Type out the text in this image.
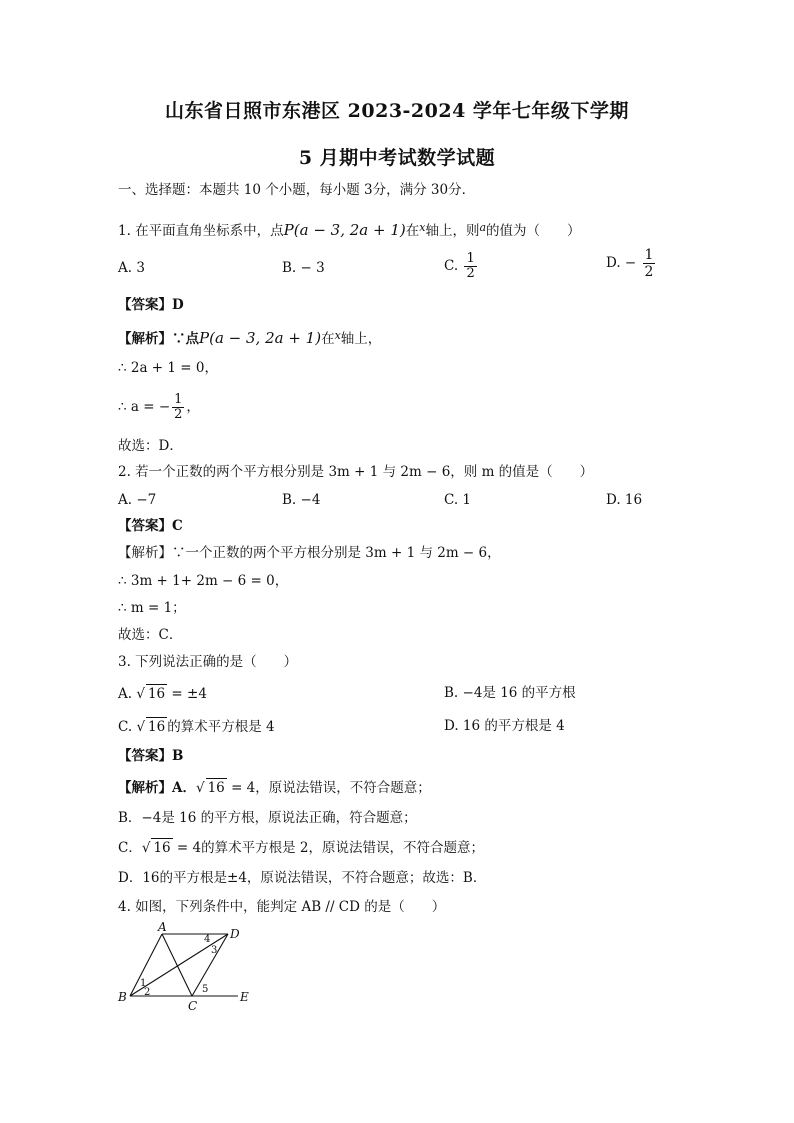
山东省日照市东港区 2023-2024 学年七年级下学期
5 月期中考试数学试题
一、选择题：本题共 10 个小题，每小题 3分，满分 30分．
1. 在平面直角坐标系中，点P(a − 3, 2a + 1)在$^x$轴上，则$^a$的值为（　　）
A. 3	B. − 3	C. $\frac{1}{2}$	D. − $\frac{1}{2}$
【答案】D
【解析】∵点P(a − 3, 2a + 1)在$^x$轴上，
∴ 2a + 1 = 0，
∴ a = − $\frac{1}{2}$ ，
故选：D．
2. 若一个正数的两个平方根分别是 3m + 1 与 2m − 6，则 m 的值是（　　）
A. −7	B. −4	C. 1	D. 16
【答案】C
【解析】∵一个正数的两个平方根分别是 3m + 1 与 2m − 6，
∴ 3m + 1+ 2m − 6 = 0，
∴ m = 1；
故选：C．
3. 下列说法正确的是（　　）
A. √ 16 = ±4	B. −4是 16 的平方根
C. √ 16 的算术平方根是 4	D. 16 的平方根是 4
【答案】B
【解析】A．√ 16 = 4，原说法错误，不符合题意；
B．−4是 16 的平方根，原说法正确，符合题意；
C．√ 16 = 4的算术平方根是 2，原说法错误，不符合题意；
D．16的平方根是±4，原说法错误，不符合题意；故选：B．
4. 如图，下列条件中，能判定 AB // CD 的是（　　）
A	D
B
C
E
1
2
3
4
5
